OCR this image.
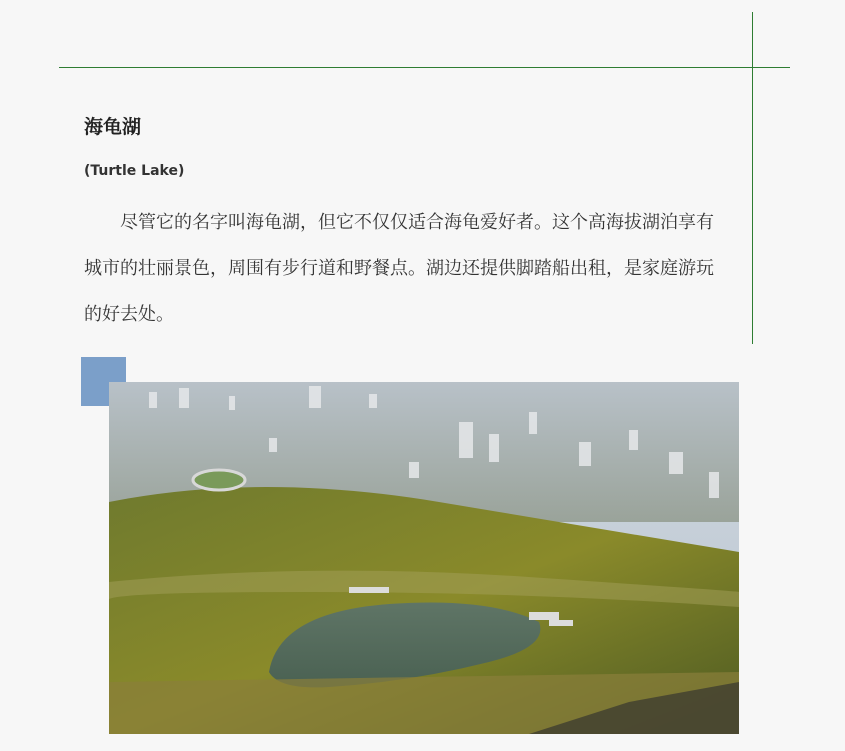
海龟湖
(Turtle Lake)

尽管它的名字叫海龟湖，但它不仅仅适合海龟爱好者。这个高海拔湖泊享有城市的壮丽景色，周围有步行道和野餐点。湖边还提供脚踏船出租，是家庭游玩的好去处。
